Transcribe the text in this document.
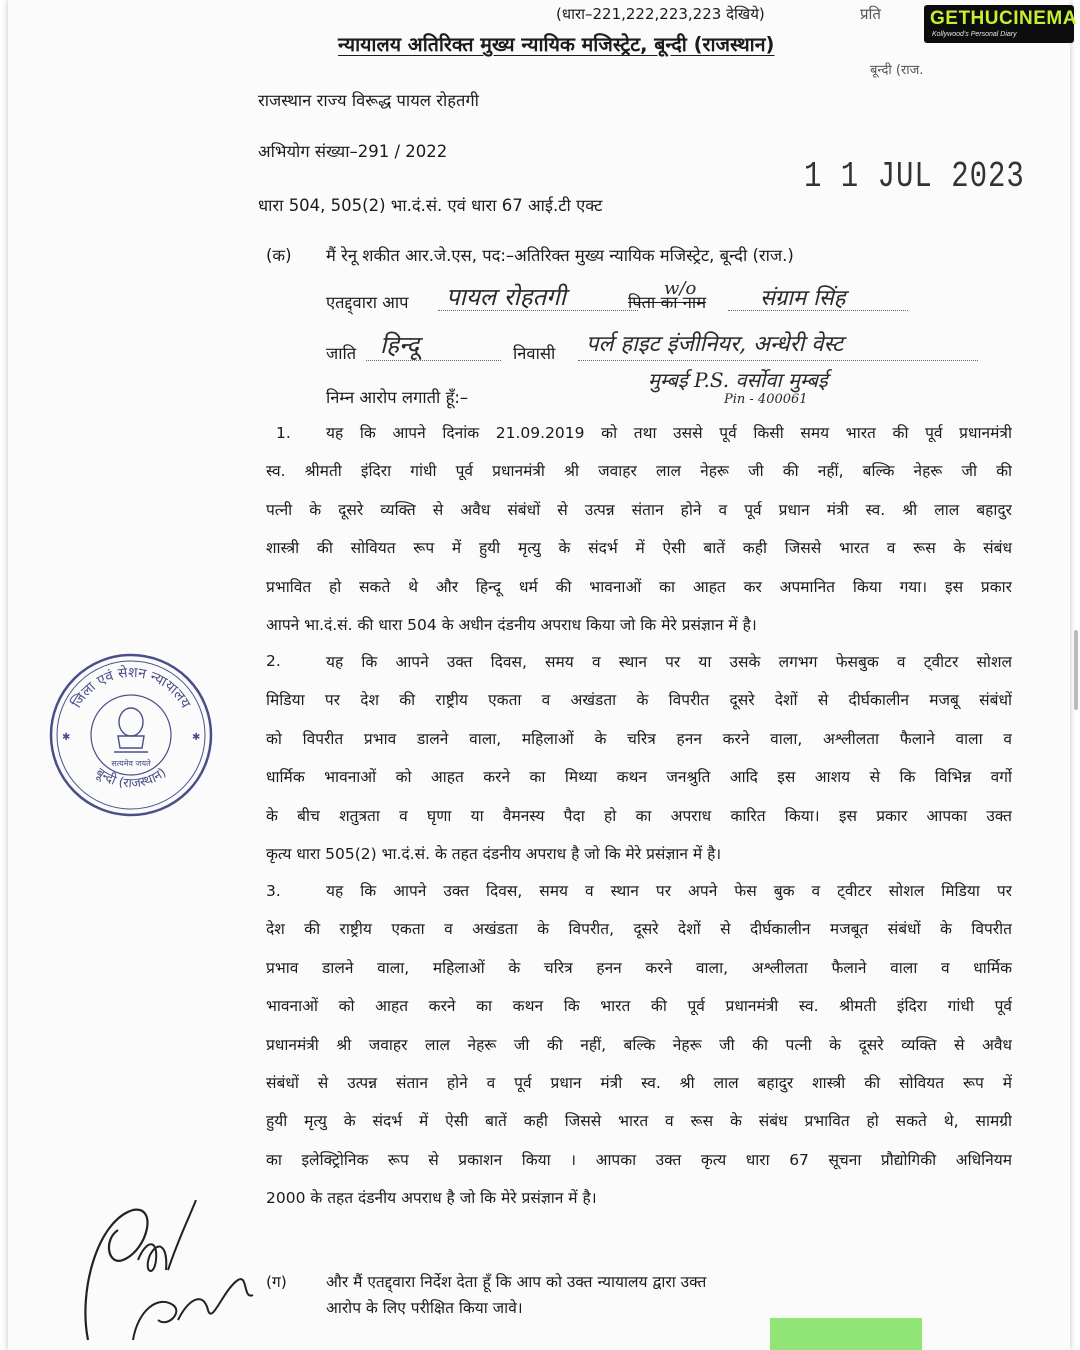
(धारा–221,222,223,223 देखिये)	प्रति
न्यायालय अतिरिक्त मुख्य न्यायिक मजिस्ट्रेट, बून्दी (राजस्थान)
बून्दी (राज.
राजस्थान राज्य विरूद्ध पायल रोहतगी
अभियोग संख्या–291 / 2022
1 1 JUL 2023
धारा 504, 505(2) भा.दं.सं. एवं धारा 67 आई.टी एक्ट
(क) मैं रेनू शकीत आर.जे.एस, पद:–अतिरिक्त मुख्य न्यायिक मजिस्ट्रेट, बून्दी (राज.)
एतद्द्वारा आप पायल रोहतगी	पिता का नाम
w/o	संग्राम सिंह
जाति हिन्दू	निवासी पर्ल हाइट इंजीनियर, अन्धेरी वेस्ट
निम्न आरोप लगाती हूँ:–
मुम्बई P.S. वर्सोवा मुम्बई
Pin - 400061
1.	यह कि आपने दिनांक 21.09.2019 को तथा उससे पूर्व किसी समय भारत की पूर्व प्रधानमंत्री
स्व. श्रीमती इंदिरा गांधी पूर्व प्रधानमंत्री श्री जवाहर लाल नेहरू जी की नहीं, बल्कि नेहरू जी की
पत्नी के दूसरे व्यक्ति से अवैध संबंधों से उत्पन्न संतान होने व पूर्व प्रधान मंत्री स्व. श्री लाल बहादुर
शास्त्री की सोवियत रूप में हुयी मृत्यु के संदर्भ में ऐसी बातें कही जिससे भारत व रूस के संबंध
प्रभावित हो सकते थे और हिन्दू धर्म की भावनाओं का आहत कर अपमानित किया गया। इस प्रकार
आपने भा.दं.सं. की धारा 504 के अधीन दंडनीय अपराध किया जो कि मेरे प्रसंज्ञान में है।
2.	यह कि आपने उक्त दिवस, समय व स्थान पर या उसके लगभग फेसबुक व ट्वीटर सोशल
मिडिया पर देश की राष्ट्रीय एकता व अखंडता के विपरीत दूसरे देशों से दीर्घकालीन मजबू संबंधों
को विपरीत प्रभाव डालने वाला, महिलाओं के चरित्र हनन करने वाला, अश्लीलता फैलाने वाला व
धार्मिक भावनाओं को आहत करने का मिथ्या कथन जनश्रुति आदि इस आशय से कि विभिन्न वर्गो
के बीच शतुत्रता व घृणा या वैमनस्य पैदा हो का अपराध कारित किया। इस प्रकार आपका उक्त
कृत्य धारा 505(2) भा.दं.सं. के तहत दंडनीय अपराध है जो कि मेरे प्रसंज्ञान में है।
3.	यह कि आपने उक्त दिवस, समय व स्थान पर अपने फेस बुक व ट्वीटर सोशल मिडिया पर
देश की राष्ट्रीय एकता व अखंडता के विपरीत, दूसरे देशों से दीर्घकालीन मजबूत संबंधों के विपरीत
प्रभाव डालने वाला, महिलाओं के चरित्र हनन करने वाला, अश्लीलता फैलाने वाला व धार्मिक
भावनाओं को आहत करने का कथन कि भारत की पूर्व प्रधानमंत्री स्व. श्रीमती इंदिरा गांधी पूर्व
प्रधानमंत्री श्री जवाहर लाल नेहरू जी की नहीं, बल्कि नेहरू जी की पत्नी के दूसरे व्यक्ति से अवैध
संबंधों से उत्पन्न संतान होने व पूर्व प्रधान मंत्री स्व. श्री लाल बहादुर शास्त्री की सोवियत रूप में
हुयी मृत्यु के संदर्भ में ऐसी बातें कही जिससे भारत व रूस के संबंध प्रभावित हो सकते थे, सामग्री
का इलेक्ट्रिोनिक रूप से प्रकाशन किया । आपका उक्त कृत्य धारा 67 सूचना प्रौद्योगिकी अधिनियम
2000 के तहत दंडनीय अपराध है जो कि मेरे प्रसंज्ञान में है।
(ग)	और मैं एतद्द्वारा निर्देश देता हूँ कि आप को उक्त न्यायालय द्वारा उक्त
आरोप के लिए परीक्षित किया जावे।
जिला एवं सेशन न्यायालय
बून्दी (राजस्थान)
सत्यमेव जयते
✱	✱
GETHUCINEMA
Kollywood's Personal Diary
